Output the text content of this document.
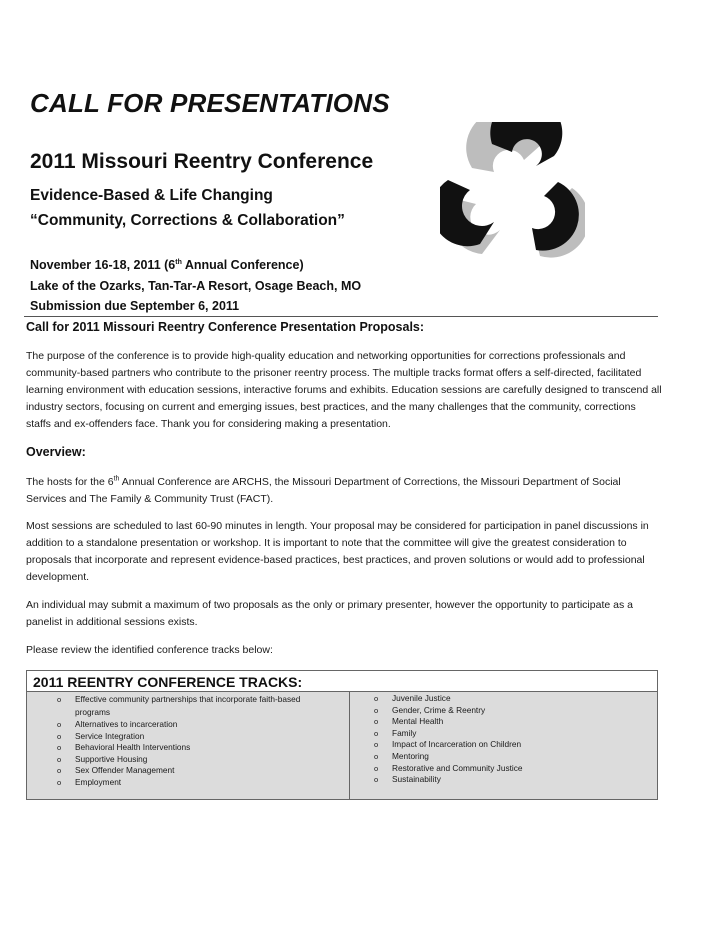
CALL FOR PRESENTATIONS
2011 Missouri Reentry Conference
Evidence-Based & Life Changing
“Community, Corrections & Collaboration”
November 16-18, 2011 (6th Annual Conference)
Lake of the Ozarks, Tan-Tar-A Resort, Osage Beach, MO
Submission due September 6, 2011
Call for 2011 Missouri Reentry Conference Presentation Proposals:
The purpose of the conference is to provide high-quality education and networking opportunities for corrections professionals and community-based partners who contribute to the prisoner reentry process. The multiple tracks format offers a self-directed, facilitated learning environment with education sessions, interactive forums and exhibits. Education sessions are carefully designed to transcend all industry sectors, focusing on current and emerging issues, best practices, and the many challenges that the community, corrections staffs and ex-offenders face. Thank you for considering making a presentation.
Overview:
The hosts for the 6th Annual Conference are ARCHS, the Missouri Department of Corrections, the Missouri Department of Social Services and The Family & Community Trust (FACT).
Most sessions are scheduled to last 60-90 minutes in length. Your proposal may be considered for participation in panel discussions in addition to a standalone presentation or workshop. It is important to note that the committee will give the greatest consideration to proposals that incorporate and represent evidence-based practices, best practices, and proven solutions or would add to professional development.
An individual may submit a maximum of two proposals as the only or primary presenter, however the opportunity to participate as a panelist in additional sessions exists.
Please review the identified conference tracks below:
2011 REENTRY CONFERENCE TRACKS:
o Effective community partnerships that incorporate faith-based programs
o Alternatives to incarceration
o Service Integration
o Behavioral Health Interventions
o Supportive Housing
o Sex Offender Management
o Employment
o Juvenile Justice
o Gender, Crime & Reentry
o Mental Health
o Family
o Impact of Incarceration on Children
o Mentoring
o Restorative and Community Justice
o Sustainability
